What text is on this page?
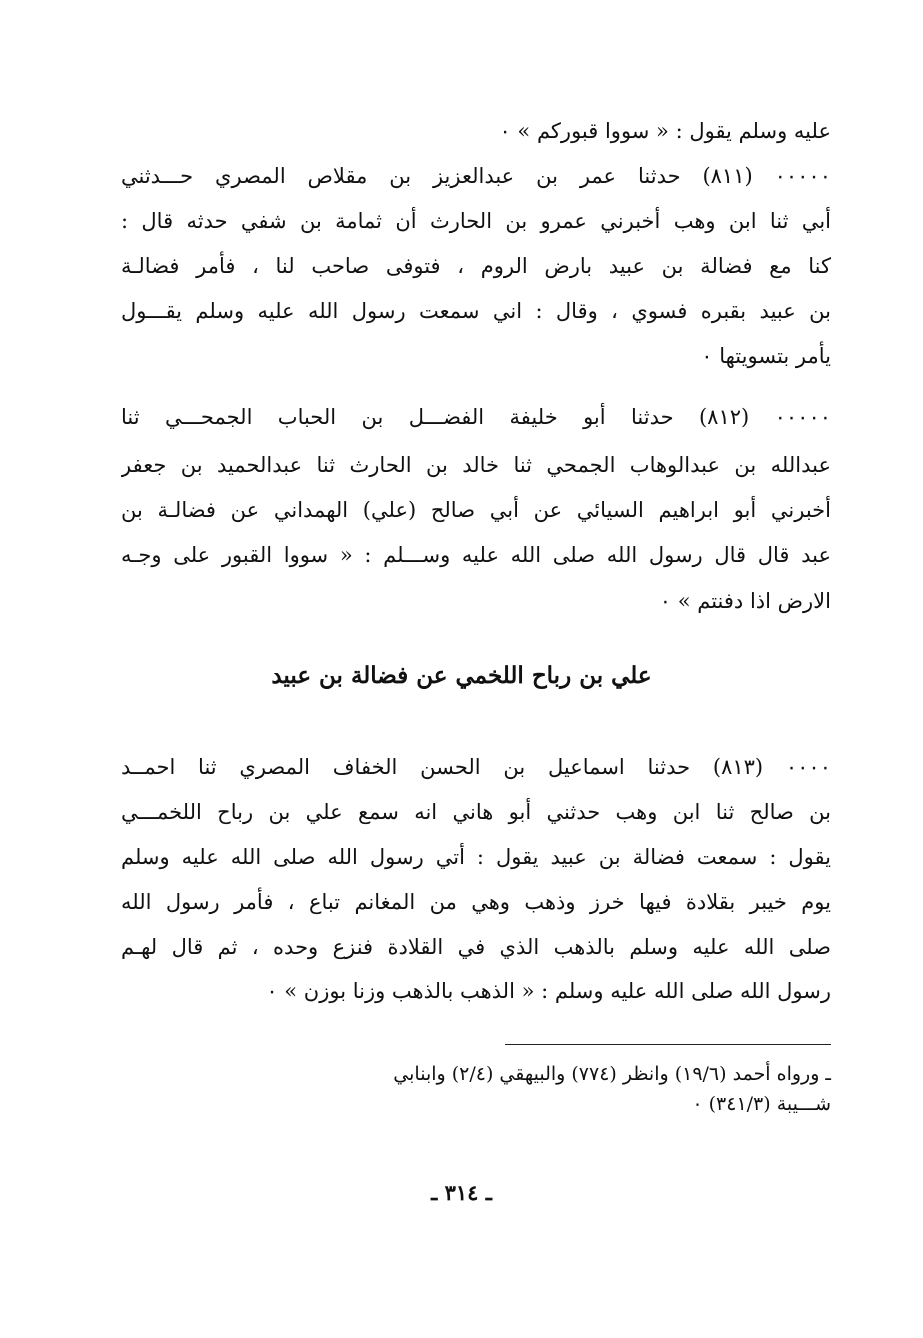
عليه وسلم يقول : « سووا قبوركم » ٠
٠٠٠٠٠ (٨١١) حدثنا عمر بن عبدالعزيز بن مقلاص المصري حـــدثني
أبي ثنا ابن وهب أخبرني عمرو بن الحارث أن ثمامة بن شفي حدثه قال :
كنا مع فضالة بن عبيد بارض الروم ، فتوفى صاحب لنا ، فأمر فضالـة
بن عبيد بقبره فسوي ، وقال : اني سمعت رسول الله عليه وسلم يقـــول
يأمر بتسويتها ٠
٠٠٠٠٠ (٨١٢) حدثنا أبو خليفة الفضـــل بن الحباب الجمحـــي ثنا
عبدالله بن عبدالوهاب الجمحي ثنا خالد بن الحارث ثنا عبدالحميد بن جعفر
أخبرني أبو ابراهيم السيائي عن أبي صالح (علي) الهمداني عن فضالـة بن
عبد قال قال رسول الله صلى الله عليه وســـلم : « سووا القبور على وجـه
الارض اذا دفنتم » ٠
علي بن رباح اللخمي عن فضالة بن عبيد
٠٠٠٠ (٨١٣) حدثنا اسماعيل بن الحسن الخفاف المصري ثنا احمــد
بن صالح ثنا ابن وهب حدثني أبو هاني انه سمع علي بن رباح اللخمـــي
يقول : سمعت فضالة بن عبيد يقول : أتي رسول الله صلى الله عليه وسلم
يوم خيبر بقلادة فيها خرز وذهب وهي من المغانم تباع ، فأمر رسول الله
صلى الله عليه وسلم بالذهب الذي في القلادة فنزع وحده ، ثم قال لهـم
رسول الله صلى الله عليه وسلم : « الذهب بالذهب وزنا بوزن » ٠
ـ ورواه أحمد (١٩/٦) وانظر (٧٧٤) والبيهقي (٢/٤) وابنابي
شـــيبة (٣٤١/٣) ٠
ـ ٣١٤ ـ
